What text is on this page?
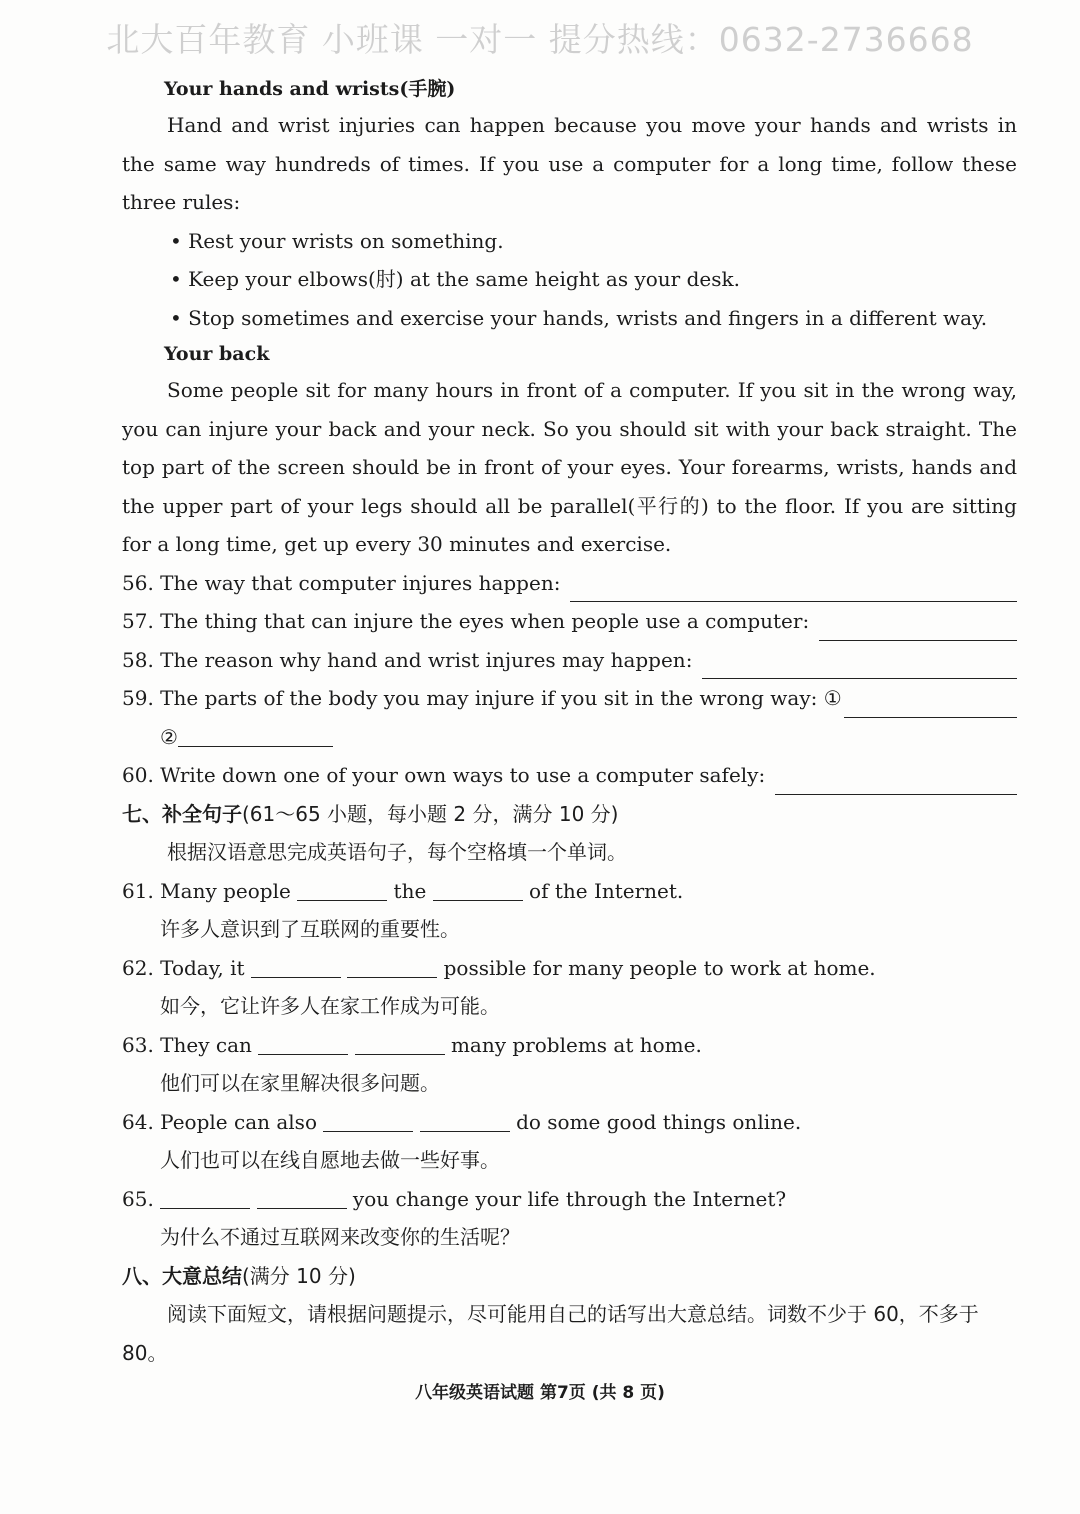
北大百年教育 小班课 一对一 提分热线：0632-2736668
Your hands and wrists(手腕)

Hand and wrist injuries can happen because you move your hands and wrists in the same way hundreds of times. If you use a computer for a long time, follow these three rules:

• Rest your wrists on something.
• Keep your elbows(肘) at the same height as your desk.
• Stop sometimes and exercise your hands, wrists and fingers in a different way.
Your back

Some people sit for many hours in front of a computer. If you sit in the wrong way, you can injure your back and your neck. So you should sit with your back straight. The top part of the screen should be in front of your eyes. Your forearms, wrists, hands and the upper part of your legs should all be parallel(平行的) to the floor. If you are sitting for a long time, get up every 30 minutes and exercise.

56. The way that computer injures happen:
57. The thing that can injure the eyes when people use a computer:
58. The reason why hand and wrist injures may happen:
59. The parts of the body you may injure if you sit in the wrong way: ①
②
60. Write down one of your own ways to use a computer safely:
七、补全句子(61～65 小题，每小题 2 分，满分 10 分)
根据汉语意思完成英语句子，每个空格填一个单词。
61. Many people	the	of the Internet.
许多人意识到了互联网的重要性。
62. Today, it	possible for many people to work at home.
如今，它让许多人在家工作成为可能。
63. They can	many problems at home.
他们可以在家里解决很多问题。
64. People can also	do some good things online.
人们也可以在线自愿地去做一些好事。
65.	you change your life through the Internet?
为什么不通过互联网来改变你的生活呢？
八、大意总结(满分 10 分)

阅读下面短文，请根据问题提示，尽可能用自己的话写出大意总结。词数不少于 60，不多于 80。

八年级英语试题 第7页 (共 8 页)
